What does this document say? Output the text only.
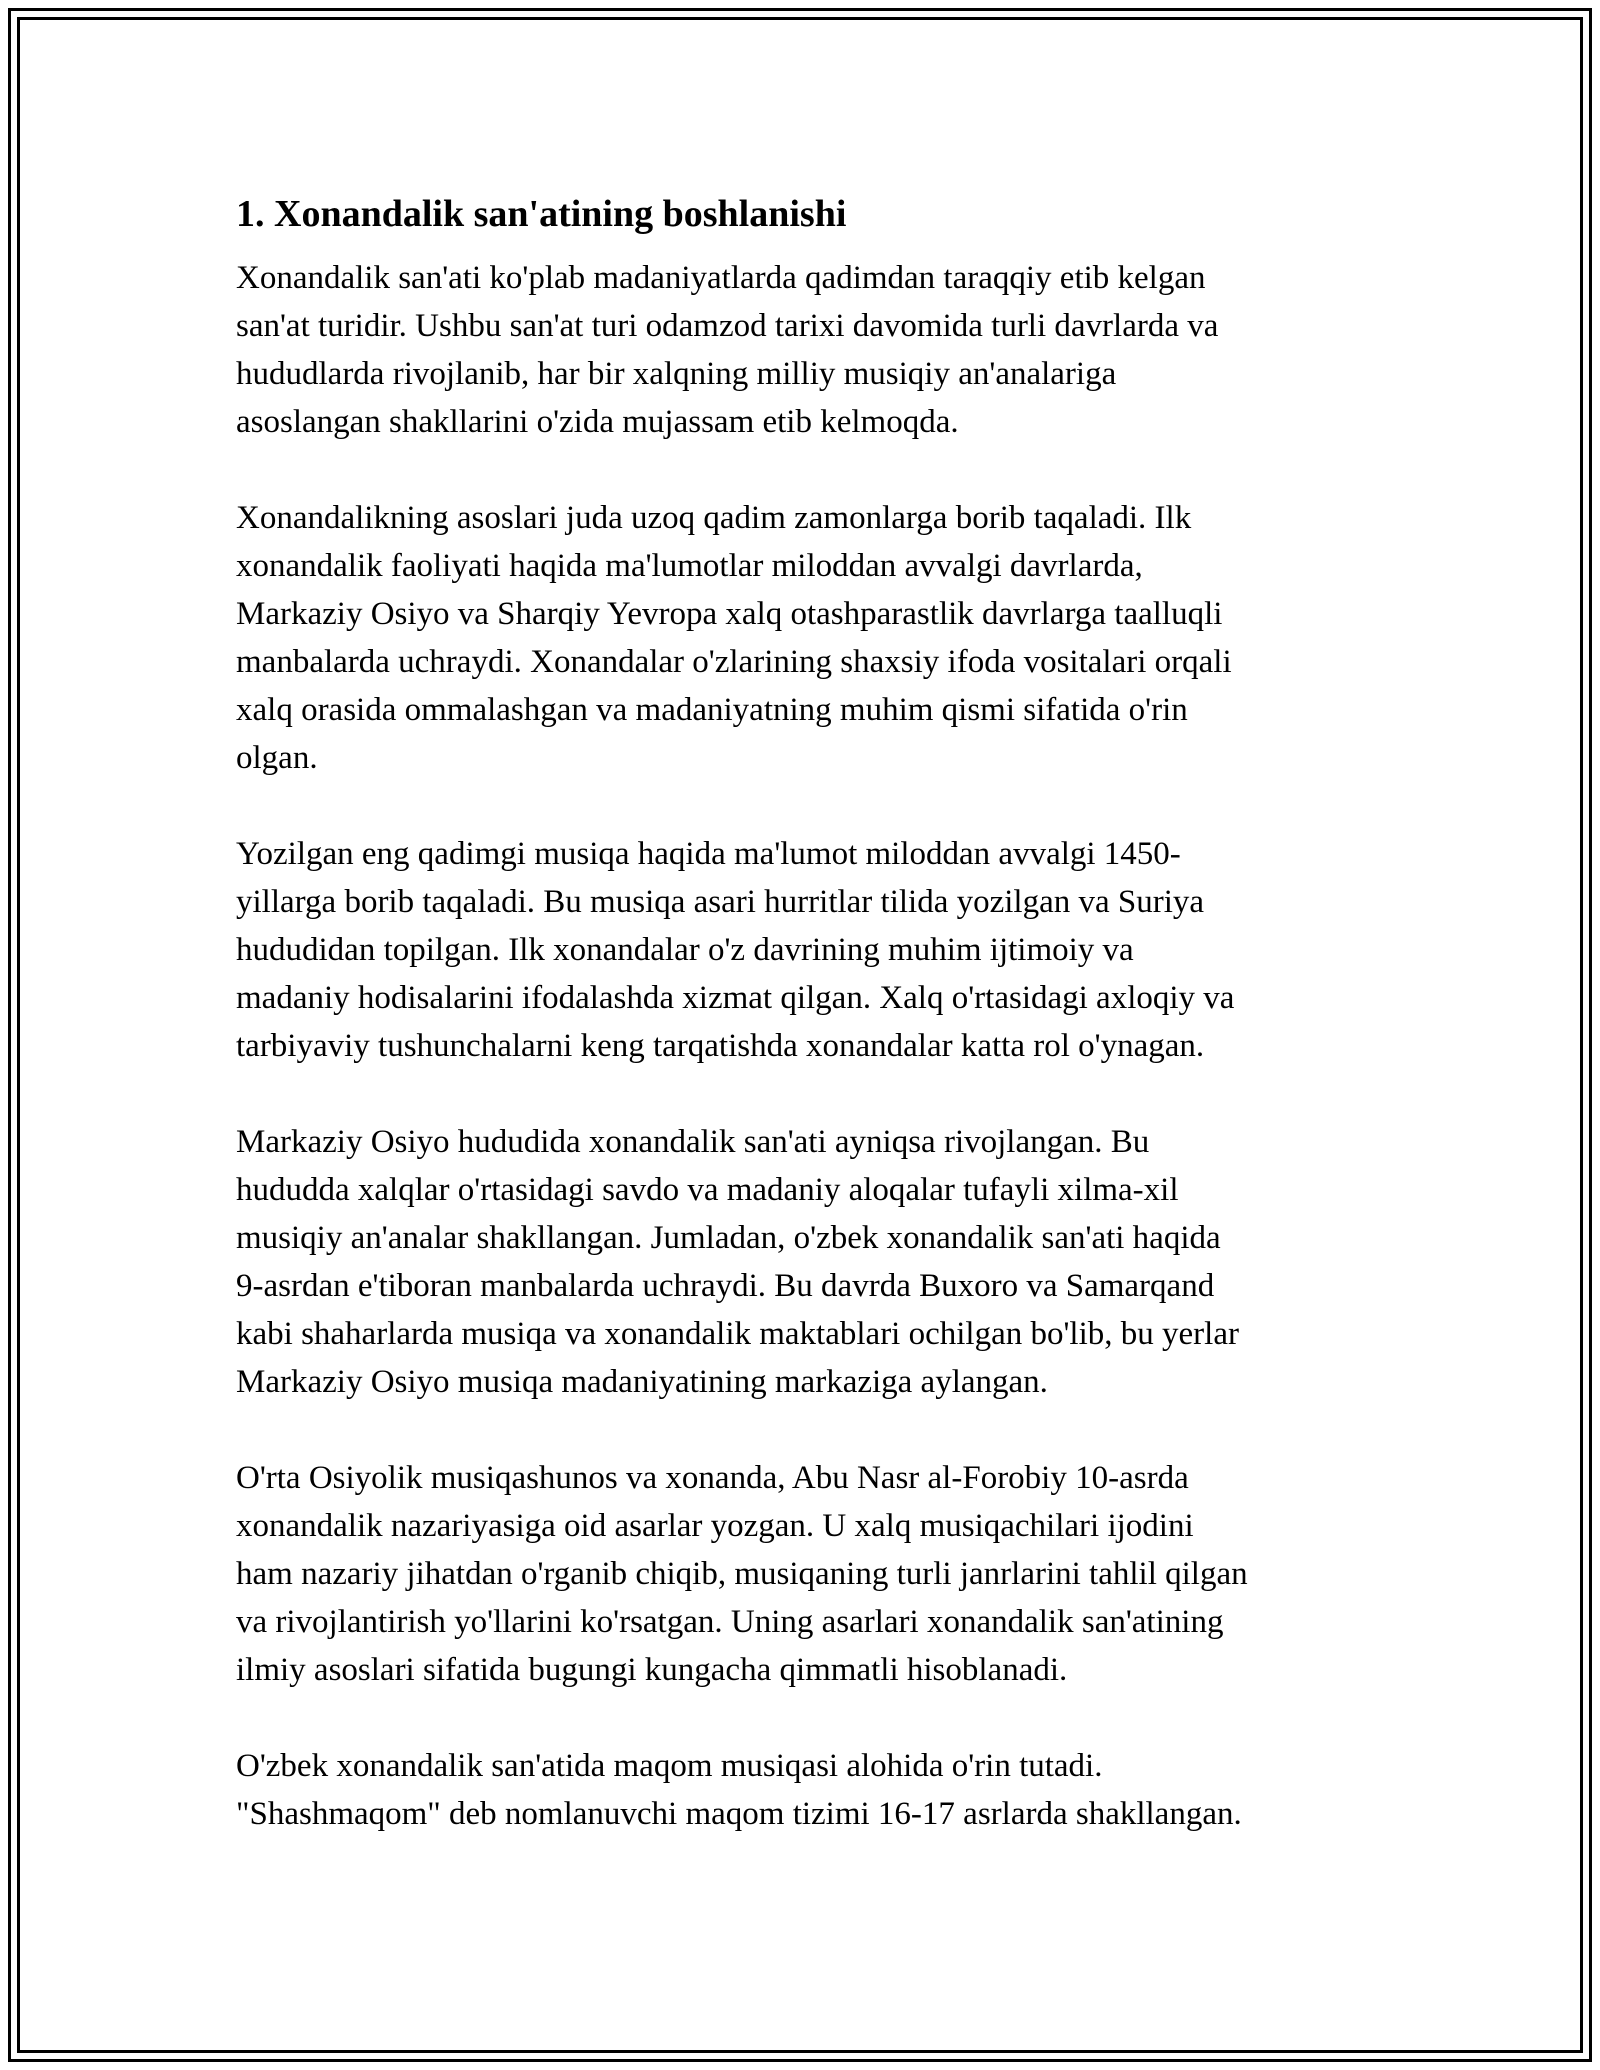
1. Xonandalik san'atining boshlanishi

Xonandalik san'ati ko'plab madaniyatlarda qadimdan taraqqiy etib kelgan
san'at turidir. Ushbu san'at turi odamzod tarixi davomida turli davrlarda va
hududlarda rivojlanib, har bir xalqning milliy musiqiy an'analariga
asoslangan shakllarini o'zida mujassam etib kelmoqda.

Xonandalikning asoslari juda uzoq qadim zamonlarga borib taqaladi. Ilk
xonandalik faoliyati haqida ma'lumotlar miloddan avvalgi davrlarda,
Markaziy Osiyo va Sharqiy Yevropa xalq otashparastlik davrlarga taalluqli
manbalarda uchraydi. Xonandalar o'zlarining shaxsiy ifoda vositalari orqali
xalq orasida ommalashgan va madaniyatning muhim qismi sifatida o'rin
olgan.

Yozilgan eng qadimgi musiqa haqida ma'lumot miloddan avvalgi 1450-
yillarga borib taqaladi. Bu musiqa asari hurritlar tilida yozilgan va Suriya
hududidan topilgan. Ilk xonandalar o'z davrining muhim ijtimoiy va
madaniy hodisalarini ifodalashda xizmat qilgan. Xalq o'rtasidagi axloqiy va
tarbiyaviy tushunchalarni keng tarqatishda xonandalar katta rol o'ynagan.

Markaziy Osiyo hududida xonandalik san'ati ayniqsa rivojlangan. Bu
hududda xalqlar o'rtasidagi savdo va madaniy aloqalar tufayli xilma-xil
musiqiy an'analar shakllangan. Jumladan, o'zbek xonandalik san'ati haqida
9-asrdan e'tiboran manbalarda uchraydi. Bu davrda Buxoro va Samarqand
kabi shaharlarda musiqa va xonandalik maktablari ochilgan bo'lib, bu yerlar
Markaziy Osiyo musiqa madaniyatining markaziga aylangan.

O'rta Osiyolik musiqashunos va xonanda, Abu Nasr al-Forobiy 10-asrda
xonandalik nazariyasiga oid asarlar yozgan. U xalq musiqachilari ijodini
ham nazariy jihatdan o'rganib chiqib, musiqaning turli janrlarini tahlil qilgan
va rivojlantirish yo'llarini ko'rsatgan. Uning asarlari xonandalik san'atining
ilmiy asoslari sifatida bugungi kungacha qimmatli hisoblanadi.

O'zbek xonandalik san'atida maqom musiqasi alohida o'rin tutadi.
"Shashmaqom" deb nomlanuvchi maqom tizimi 16-17 asrlarda shakllangan.
